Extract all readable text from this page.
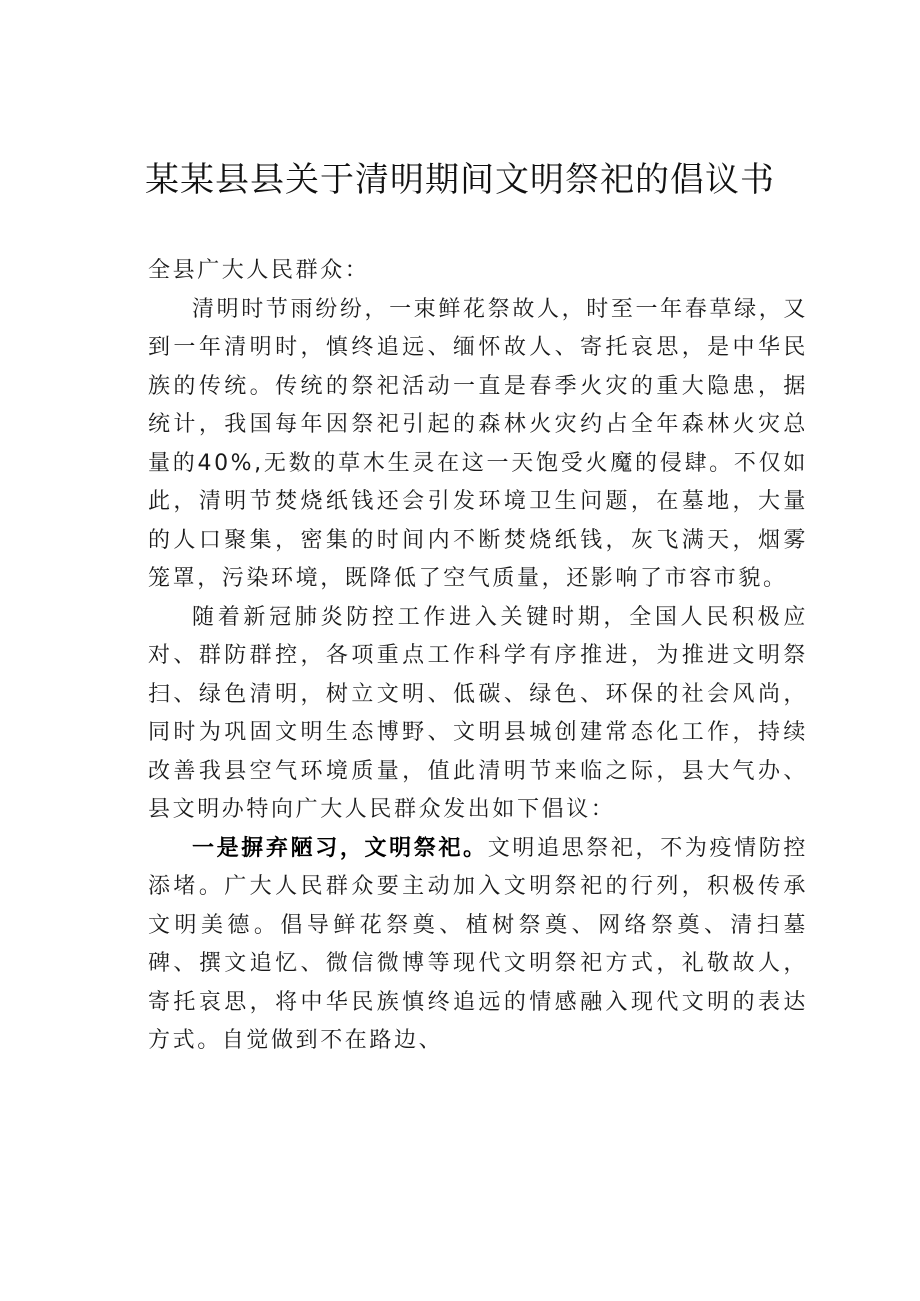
某某县县关于清明期间文明祭祀的倡议书

全县广大人民群众：

清明时节雨纷纷，一束鲜花祭故人，时至一年春草绿，又到一年清明时，慎终追远、缅怀故人、寄托哀思，是中华民族的传统。传统的祭祀活动一直是春季火灾的重大隐患，据统计，我国每年因祭祀引起的森林火灾约占全年森林火灾总量的40%,无数的草木生灵在这一天饱受火魔的侵肆。不仅如此，清明节焚烧纸钱还会引发环境卫生问题，在墓地，大量的人口聚集，密集的时间内不断焚烧纸钱，灰飞满天，烟雾笼罩，污染环境，既降低了空气质量，还影响了市容市貌。

随着新冠肺炎防控工作进入关键时期，全国人民积极应对、群防群控，各项重点工作科学有序推进，为推进文明祭扫、绿色清明，树立文明、低碳、绿色、环保的社会风尚，同时为巩固文明生态博野、文明县城创建常态化工作，持续改善我县空气环境质量，值此清明节来临之际，县大气办、县文明办特向广大人民群众发出如下倡议：

一是摒弃陋习，文明祭祀。文明追思祭祀，不为疫情防控添堵。广大人民群众要主动加入文明祭祀的行列，积极传承文明美德。倡导鲜花祭奠、植树祭奠、网络祭奠、清扫墓碑、撰文追忆、微信微博等现代文明祭祀方式，礼敬故人，寄托哀思，将中华民族慎终追远的情感融入现代文明的表达方式。自觉做到不在路边、
